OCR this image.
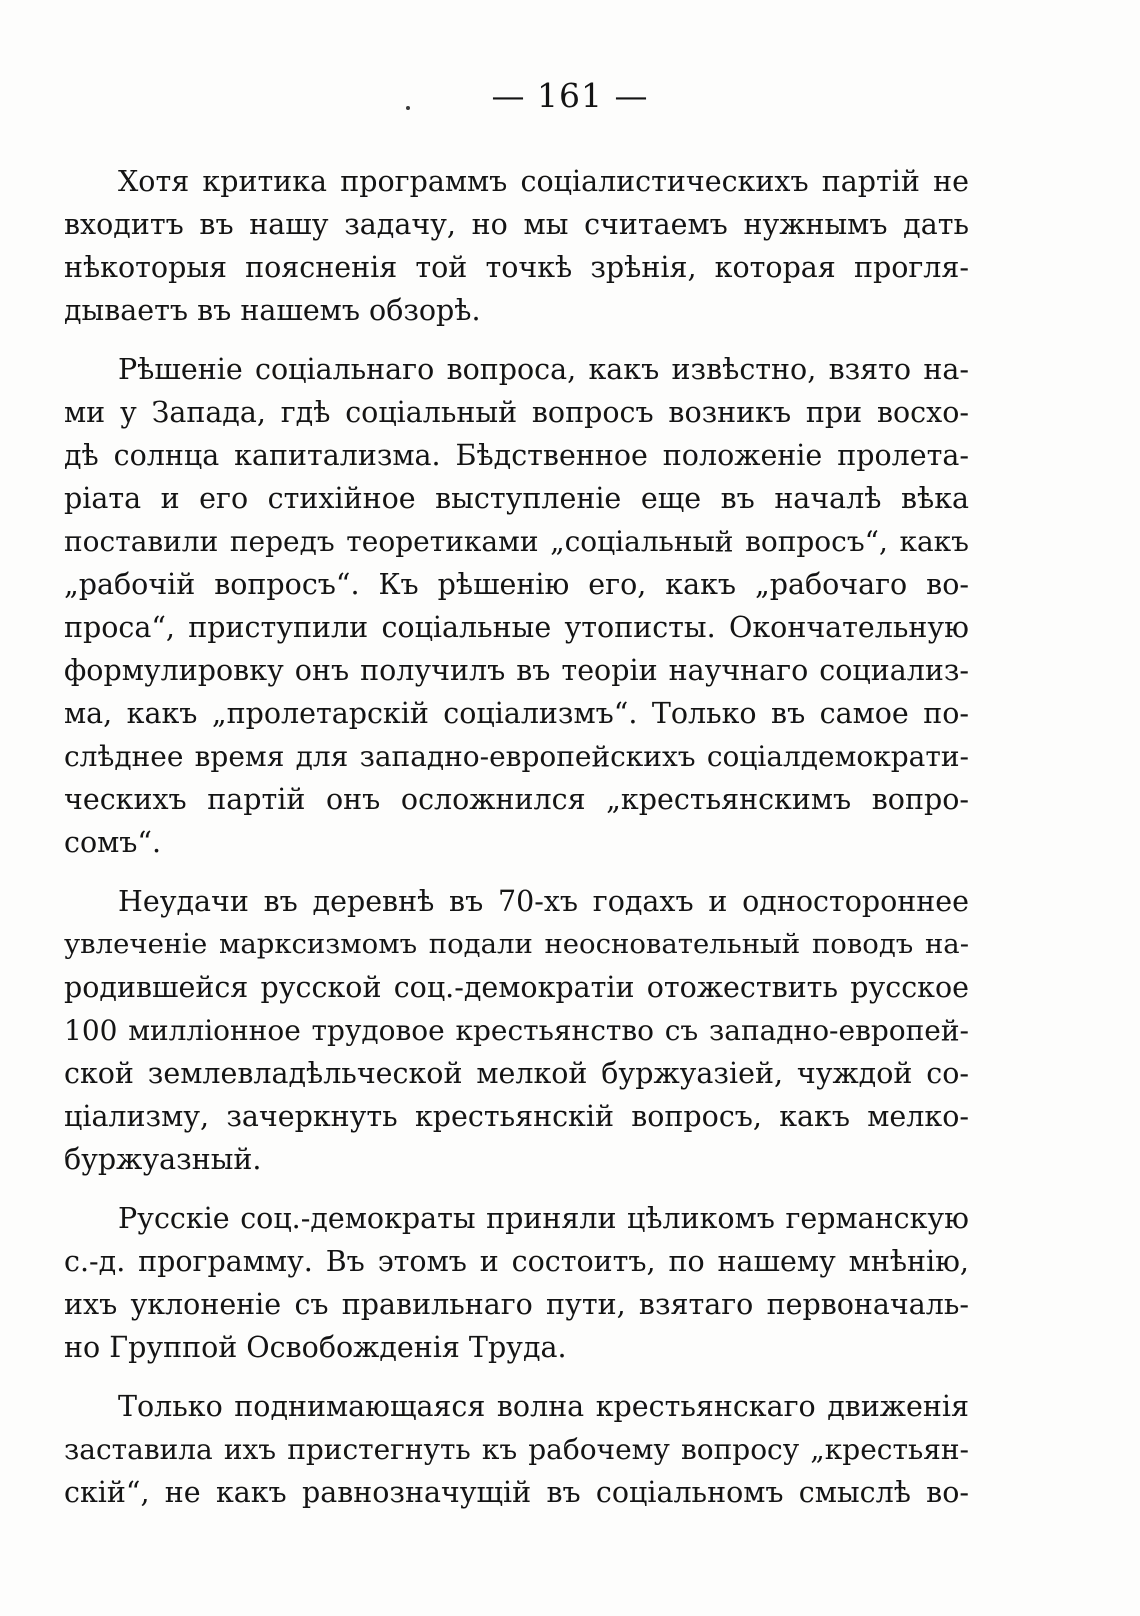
— 161 —
Хотя критика программъ соціалистическихъ партій не
входитъ въ нашу задачу, но мы считаемъ нужнымъ дать
нѣкоторыя поясненія той точкѣ зрѣнія, которая прогля-
дываетъ въ нашемъ обзорѣ.
Рѣшеніе соціальнаго вопроса, какъ извѣстно, взято на-
ми у Запада, гдѣ соціальный вопросъ возникъ при восхо-
дѣ солнца капитализма. Бѣдственное положеніе пролета-
ріата и его стихійное выступленіе еще въ началѣ вѣка
поставили передъ теоретиками „соціальный вопросъ“, какъ
„рабочій вопросъ“. Къ рѣшенію его, какъ „рабочаго во-
проса“, приступили соціальные утописты. Окончательную
формулировку онъ получилъ въ теоріи научнаго социализ-
ма, какъ „пролетарскій соціализмъ“. Только въ самое по-
слѣднее время для западно-европейскихъ соціалдемократи-
ческихъ партій онъ осложнился „крестьянскимъ вопро-
сомъ“.
Неудачи въ деревнѣ въ 70-хъ годахъ и одностороннее
увлеченіе марксизмомъ подали неосновательный поводъ на-
родившейся русской соц.-демократіи отожествить русское
100 милліонное трудовое крестьянство съ западно-европей-
ской землевладѣльческой мелкой буржуазіей, чуждой со-
ціализму, зачеркнуть крестьянскій вопросъ, какъ мелко-
буржуазный.
Русскіе соц.-демократы приняли цѣликомъ германскую
с.-д. программу. Въ этомъ и состоитъ, по нашему мнѣнію,
ихъ уклоненіе съ правильнаго пути, взятаго первоначаль-
но Группой Освобожденія Труда.
Только поднимающаяся волна крестьянскаго движенія
заставила ихъ пристегнуть къ рабочему вопросу „крестьян-
скій“, не какъ равнозначущій въ соціальномъ смыслѣ во-
